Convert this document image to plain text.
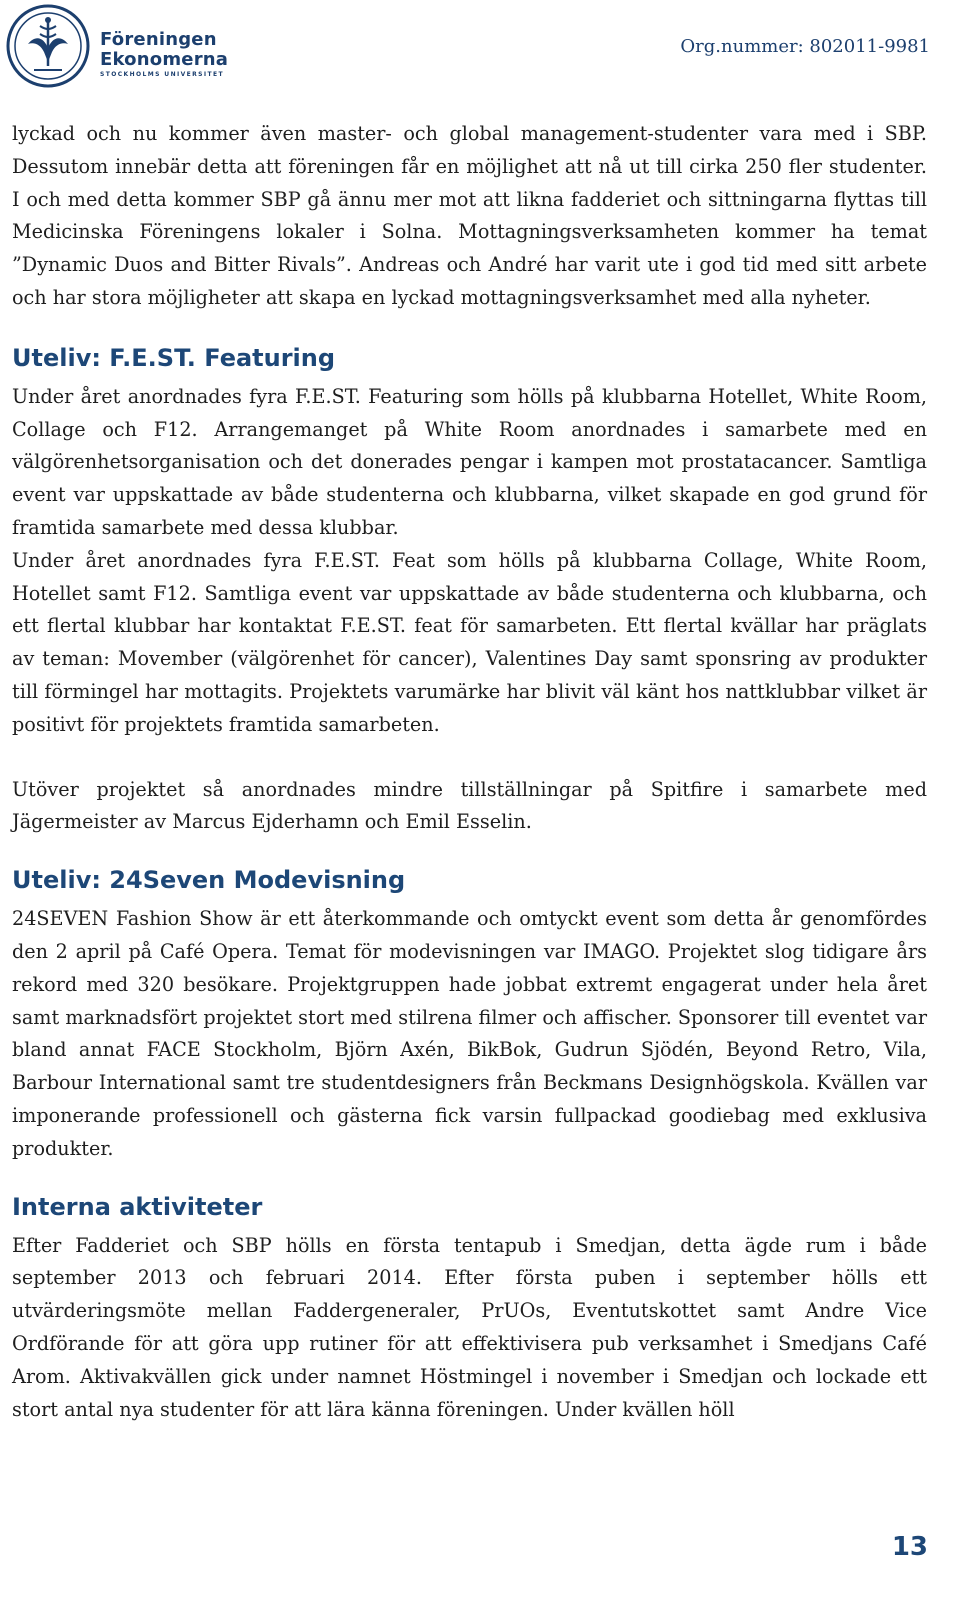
Föreningen
Ekonomerna
STOCKHOLMS UNIVERSITET
Org.nummer: 802011-9981

lyckad och nu kommer även master- och global management-studenter vara med i SBP. Dessutom innebär detta att föreningen får en möjlighet att nå ut till cirka 250 fler studenter. I och med detta kommer SBP gå ännu mer mot att likna fadderiet och sittningarna flyttas till Medicinska Föreningens lokaler i Solna. Mottagningsverksamheten kommer ha temat ”Dynamic Duos and Bitter Rivals”. Andreas och André har varit ute i god tid med sitt arbete och har stora möjligheter att skapa en lyckad mottagningsverksamhet med alla nyheter.

Uteliv: F.E.ST. Featuring

Under året anordnades fyra F.E.ST. Featuring som hölls på klubbarna Hotellet, White Room, Collage och F12. Arrangemanget på White Room anordnades i samarbete med en välgörenhetsorganisation och det donerades pengar i kampen mot prostatacancer. Samtliga event var uppskattade av både studenterna och klubbarna, vilket skapade en god grund för framtida samarbete med dessa klubbar.

Under året anordnades fyra F.E.ST. Feat som hölls på klubbarna Collage, White Room, Hotellet samt F12. Samtliga event var uppskattade av både studenterna och klubbarna, och ett flertal klubbar har kontaktat F.E.ST. feat för samarbeten. Ett flertal kvällar har präglats av teman: Movember (välgörenhet för cancer), Valentines Day samt sponsring av produkter till förmingel har mottagits. Projektets varumärke har blivit väl känt hos nattklubbar vilket är positivt för projektets framtida samarbeten.

Utöver projektet så anordnades mindre tillställningar på Spitfire i samarbete med Jägermeister av Marcus Ejderhamn och Emil Esselin.

Uteliv: 24Seven Modevisning

24SEVEN Fashion Show är ett återkommande och omtyckt event som detta år genomfördes den 2 april på Café Opera. Temat för modevisningen var IMAGO. Projektet slog tidigare års rekord med 320 besökare. Projektgruppen hade jobbat extremt engagerat under hela året samt marknadsfört projektet stort med stilrena filmer och affischer. Sponsorer till eventet var bland annat FACE Stockholm, Björn Axén, BikBok, Gudrun Sjödén, Beyond Retro, Vila, Barbour International samt tre studentdesigners från Beckmans Designhögskola. Kvällen var imponerande professionell och gästerna fick varsin fullpackad goodiebag med exklusiva produkter.

Interna aktiviteter

Efter Fadderiet och SBP hölls en första tentapub i Smedjan, detta ägde rum i både september 2013 och februari 2014. Efter första puben i september hölls ett utvärderingsmöte mellan Faddergeneraler, PrUOs, Eventutskottet samt Andre Vice Ordförande för att göra upp rutiner för att effektivisera pub verksamhet i Smedjans Café Arom. Aktivakvällen gick under namnet Höstmingel i november i Smedjan och lockade ett stort antal nya studenter för att lära känna föreningen. Under kvällen höll

13
